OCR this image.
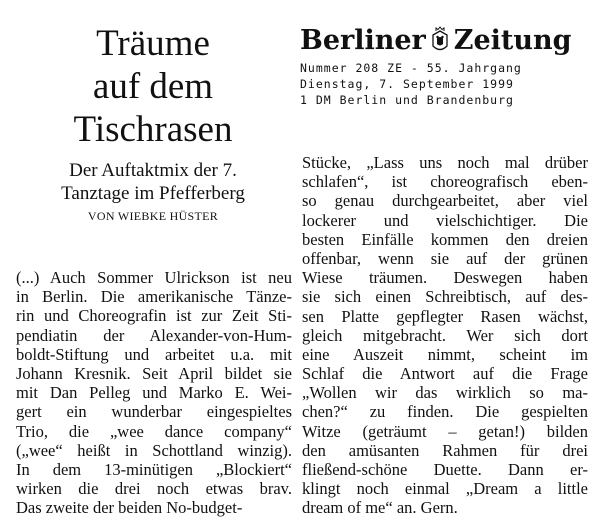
Träume
auf dem
Tischrasen
Der Auftaktmix der 7.
Tanztage im Pfefferberg
VON WIEBKE HÜSTER
(...) Auch Sommer Ulrickson ist neu
in Berlin. Die amerikanische Tänze-
rin und Choreografin ist zur Zeit Sti-
pendiatin der Alexander-von-Hum-
boldt-Stiftung und arbeitet u.a. mit
Johann Kresnik. Seit April bildet sie
mit Dan Pelleg und Marko E. Wei-
gert ein wunderbar eingespieltes
Trio, die „wee dance company“
(„wee“ heißt in Schottland winzig).
In dem 13-minütigen „Blockiert“
wirken die drei noch etwas brav.
Das zweite der beiden No-budget-
Berliner Zeitung
Nummer 208 ZE - 55. Jahrgang
Dienstag, 7. September 1999
1 DM Berlin und Brandenburg
Stücke, „Lass uns noch mal drüber
schlafen“, ist choreografisch eben-
so genau durchgearbeitet, aber viel
lockerer und vielschichtiger. Die
besten Einfälle kommen den dreien
offenbar, wenn sie auf der grünen
Wiese träumen. Deswegen haben
sie sich einen Schreibtisch, auf des-
sen Platte gepflegter Rasen wächst,
gleich mitgebracht. Wer sich dort
eine Auszeit nimmt, scheint im
Schlaf die Antwort auf die Frage
„Wollen wir das wirklich so ma-
chen?“ zu finden. Die gespielten
Witze (geträumt – getan!) bilden
den amüsanten Rahmen für drei
fließend-schöne Duette. Dann er-
klingt noch einmal „Dream a little
dream of me“ an. Gern.
